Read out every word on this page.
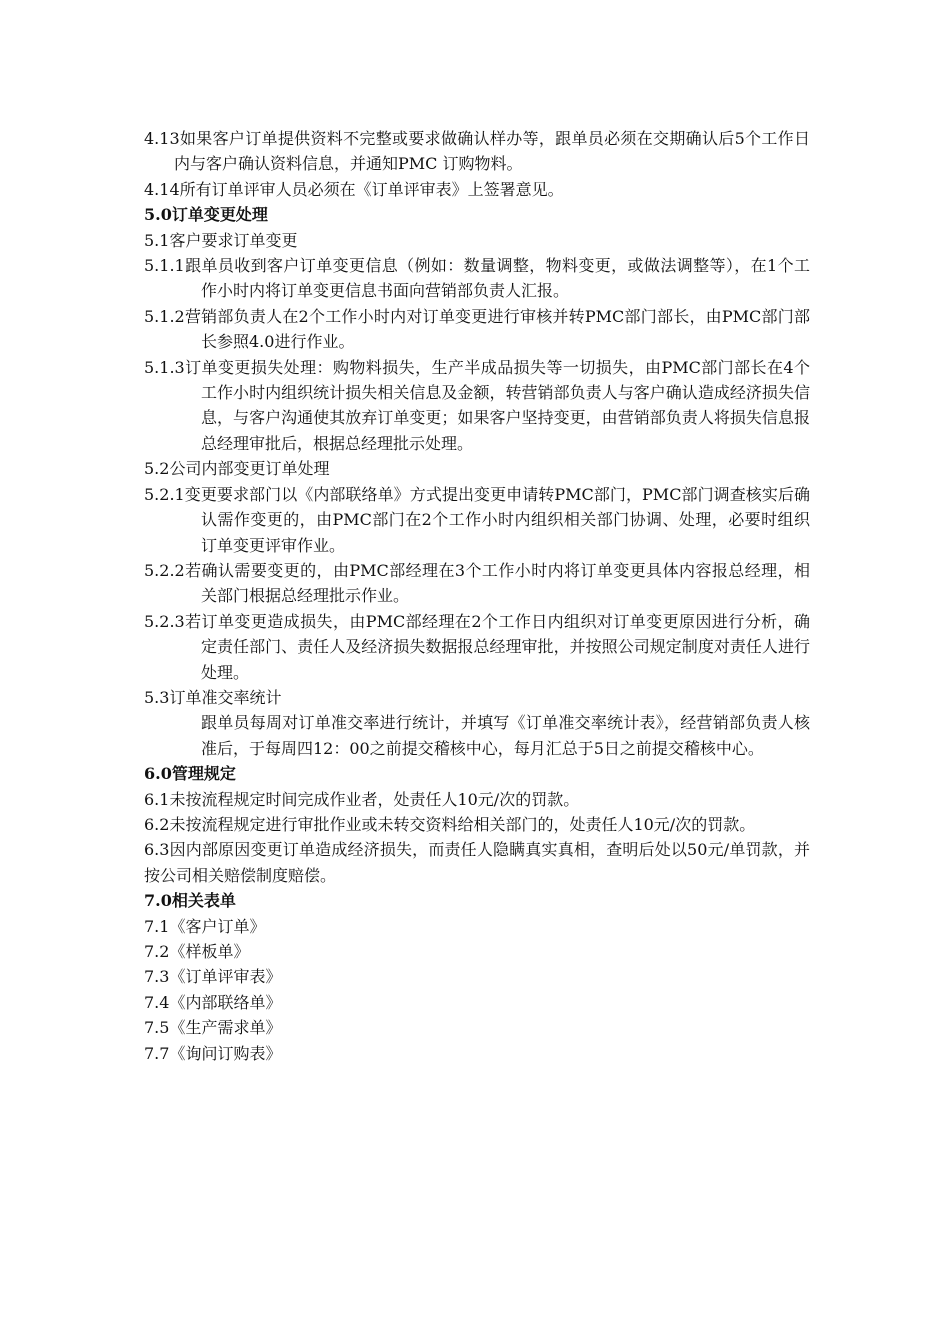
4.13如果客户订单提供资料不完整或要求做确认样办等，跟单员必须在交期确认后5个工作日内与客户确认资料信息，并通知PMC 订购物料。
4.14所有订单评审人员必须在《订单评审表》上签署意见。
5.0订单变更处理
5.1客户要求订单变更
5.1.1跟单员收到客户订单变更信息（例如：数量调整，物料变更，或做法调整等），在1个工作小时内将订单变更信息书面向营销部负责人汇报。
5.1.2营销部负责人在2个工作小时内对订单变更进行审核并转PMC部门部长，由PMC部门部长参照4.0进行作业。
5.1.3订单变更损失处理：购物料损失，生产半成品损失等一切损失，由PMC部门部长在4个工作小时内组织统计损失相关信息及金额，转营销部负责人与客户确认造成经济损失信息，与客户沟通使其放弃订单变更；如果客户坚持变更，由营销部负责人将损失信息报总经理审批后，根据总经理批示处理。
5.2公司内部变更订单处理
5.2.1变更要求部门以《内部联络单》方式提出变更申请转PMC部门，PMC部门调查核实后确认需作变更的，由PMC部门在2个工作小时内组织相关部门协调、处理，必要时组织订单变更评审作业。
5.2.2若确认需要变更的，由PMC部经理在3个工作小时内将订单变更具体内容报总经理，相关部门根据总经理批示作业。
5.2.3若订单变更造成损失，由PMC部经理在2个工作日内组织对订单变更原因进行分析，确定责任部门、责任人及经济损失数据报总经理审批，并按照公司规定制度对责任人进行处理。
5.3订单准交率统计
跟单员每周对订单准交率进行统计，并填写《订单准交率统计表》，经营销部负责人核准后，于每周四12：00之前提交稽核中心，每月汇总于5日之前提交稽核中心。
6.0管理规定
6.1未按流程规定时间完成作业者，处责任人10元/次的罚款。
6.2未按流程规定进行审批作业或未转交资料给相关部门的，处责任人10元/次的罚款。
6.3因内部原因变更订单造成经济损失，而责任人隐瞒真实真相，查明后处以50元/单罚款，并按公司相关赔偿制度赔偿。
7.0相关表单
7.1《客户订单》
7.2《样板单》
7.3《订单评审表》
7.4《内部联络单》
7.5《生产需求单》
7.7《询问订购表》
